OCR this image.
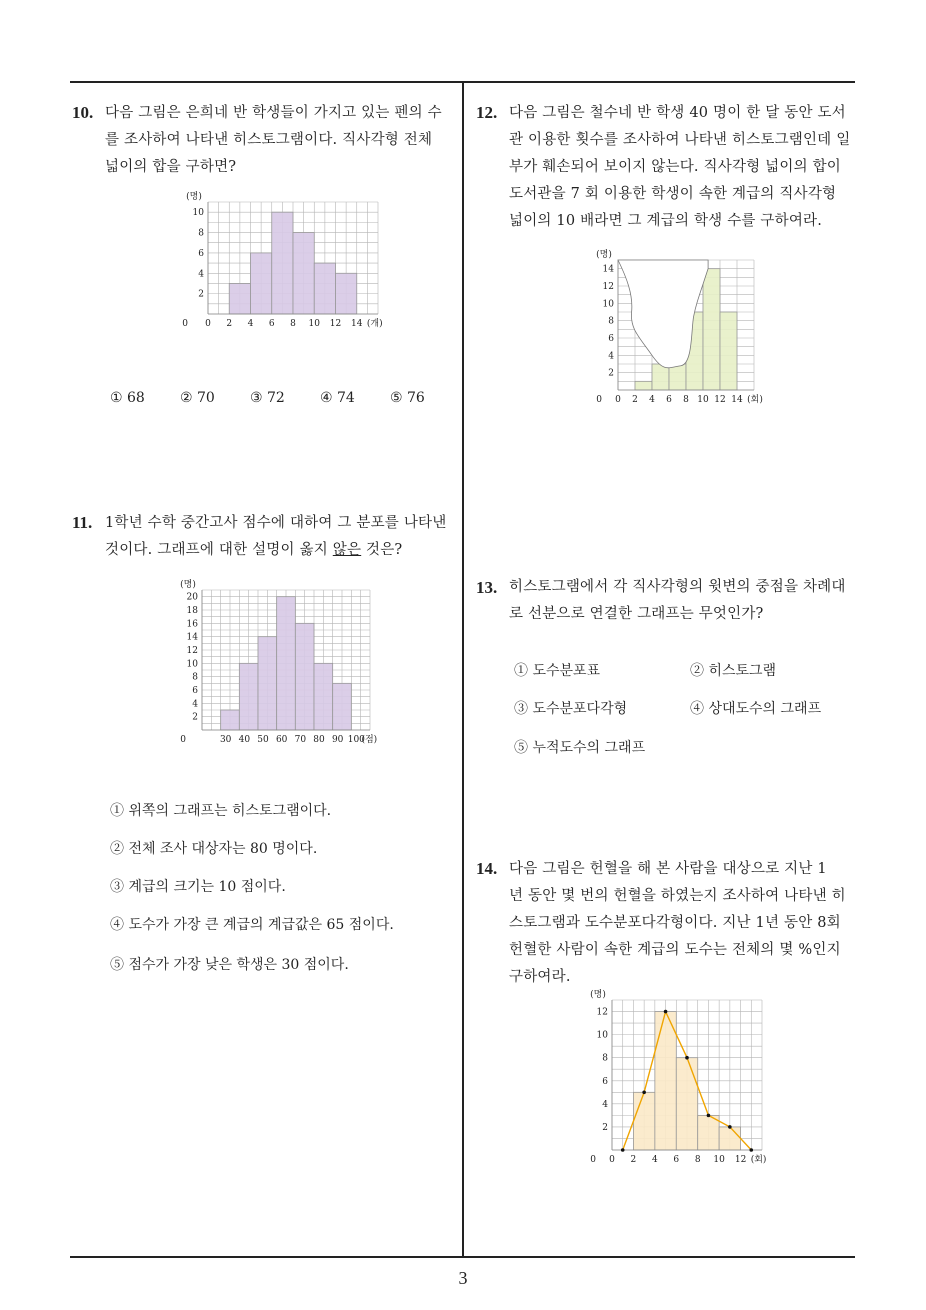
10. 다음 그림은 은희네 반 학생들이 가지고 있는 펜의 수
를 조사하여 나타낸 히스토그램이다. 직사각형 전체
넓이의 합을 구하면?
0 2 4 6 8 10 12 14
0
2
4
6
8
10
(명)
(개)
① 68	② 70	③ 72	④ 74	⑤ 76
11. 1학년 수학 중간고사 점수에 대하여 그 분포를 나타낸
것이다. 그래프에 대한 설명이 옳지 않은 것은?
30 40 50 60 70 80 90 100
2
4
6
8
10
12
14
16
18
20
0
(명)
(점)
① 위쪽의 그래프는 히스토그램이다.
② 전체 조사 대상자는 80 명이다.
③ 계급의 크기는 10 점이다.
④ 도수가 가장 큰 계급의 계급값은 65 점이다.
⑤ 점수가 가장 낮은 학생은 30 점이다.
12. 다음 그림은 철수네 반 학생 40 명이 한 달 동안 도서
관 이용한 횟수를 조사하여 나타낸 히스토그램인데 일
부가 훼손되어 보이지 않는다. 직사각형 넓이의 합이
도서관을 7 회 이용한 학생이 속한 계급의 직사각형
넓이의 10 배라면 그 계급의 학생 수를 구하여라.
0 2 4 6 8 10 12 14
2
4
6
8
10
12
14
0
(명)
(회)
13. 히스토그램에서 각 직사각형의 윗변의 중점을 차례대
로 선분으로 연결한 그래프는 무엇인가?
① 도수분포표	② 히스토그램
③ 도수분포다각형	④ 상대도수의 그래프
⑤ 누적도수의 그래프
14. 다음 그림은 헌혈을 해 본 사람을 대상으로 지난 1
년 동안 몇 번의 헌혈을 하였는지 조사하여 나타낸 히
스토그램과 도수분포다각형이다. 지난 1년 동안 8회
헌혈한 사람이 속한 계급의 도수는 전체의 몇 %인지
구하여라.
0 2 4 6 8 10 12
2
4
6
8
10
12
0
(명)
(회)
3
